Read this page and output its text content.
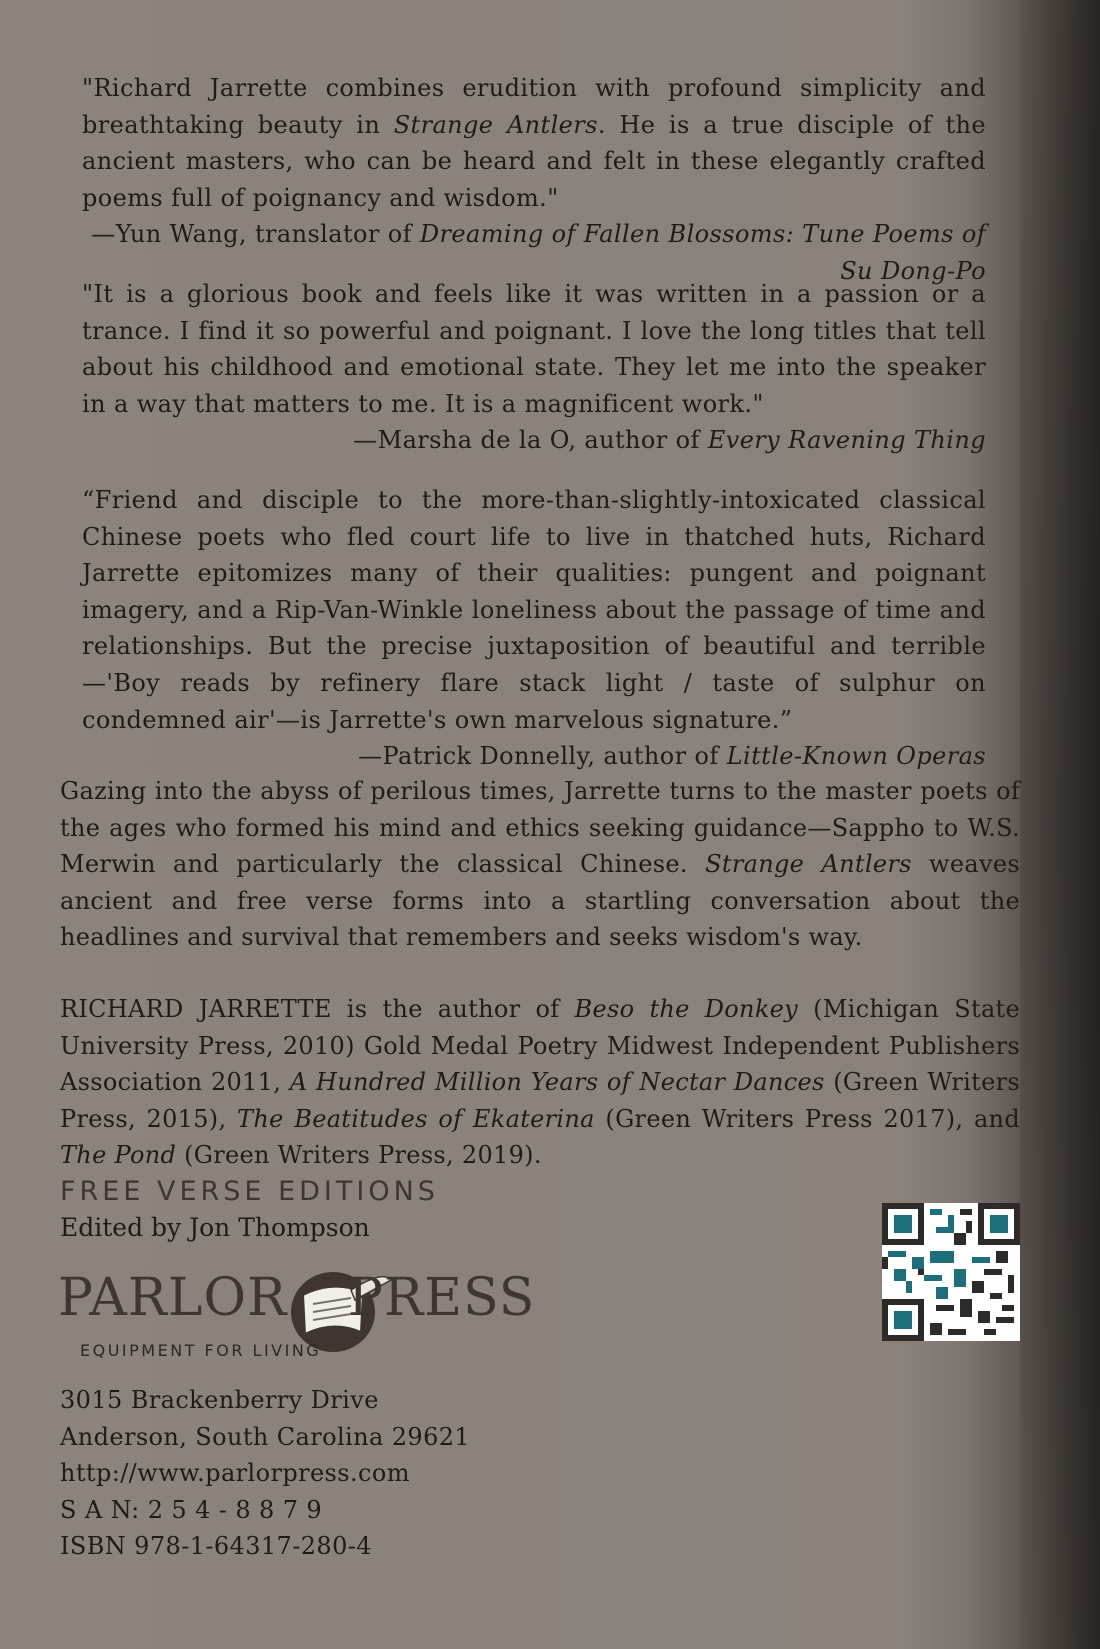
"Richard Jarrette combines erudition with profound simplicity and breathtaking beauty in Strange Antlers. He is a true disciple of the ancient masters, who can be heard and felt in these elegantly crafted poems full of poignancy and wisdom."
—Yun Wang, translator of Dreaming of Fallen Blossoms: Tune Poems of Su Dong-Po
"It is a glorious book and feels like it was written in a passion or a trance. I find it so powerful and poignant. I love the long titles that tell about his childhood and emotional state. They let me into the speaker in a way that matters to me. It is a magnificent work."
—Marsha de la O, author of Every Ravening Thing
“Friend and disciple to the more-than-slightly-intoxicated classical Chinese poets who fled court life to live in thatched huts, Richard Jarrette epitomizes many of their qualities: pungent and poignant imagery, and a Rip-Van-Winkle loneliness about the passage of time and relationships. But the precise juxtaposition of beautiful and terrible—'Boy reads by refinery flare stack light / taste of sulphur on condemned air'—is Jarrette's own marvelous signature.”
—Patrick Donnelly, author of Little-Known Operas
Gazing into the abyss of perilous times, Jarrette turns to the master poets of the ages who formed his mind and ethics seeking guidance—Sappho to W.S. Merwin and particularly the classical Chinese. Strange Antlers weaves ancient and free verse forms into a startling conversation about the headlines and survival that remembers and seeks wisdom's way.
RICHARD JARRETTE is the author of Beso the Donkey (Michigan State University Press, 2010) Gold Medal Poetry Midwest Independent Publishers Association 2011, A Hundred Million Years of Nectar Dances (Green Writers Press, 2015), The Beatitudes of Ekaterina (Green Writers Press 2017), and The Pond (Green Writers Press, 2019).
FREE VERSE EDITIONS
Edited by Jon Thompson
PARLOR PRESS
EQUIPMENT FOR LIVING
3015 Brackenberry Drive
Anderson, South Carolina 29621
http://www.parlorpress.com
S A N: 2 5 4 - 8 8 7 9
ISBN 978-1-64317-280-4
